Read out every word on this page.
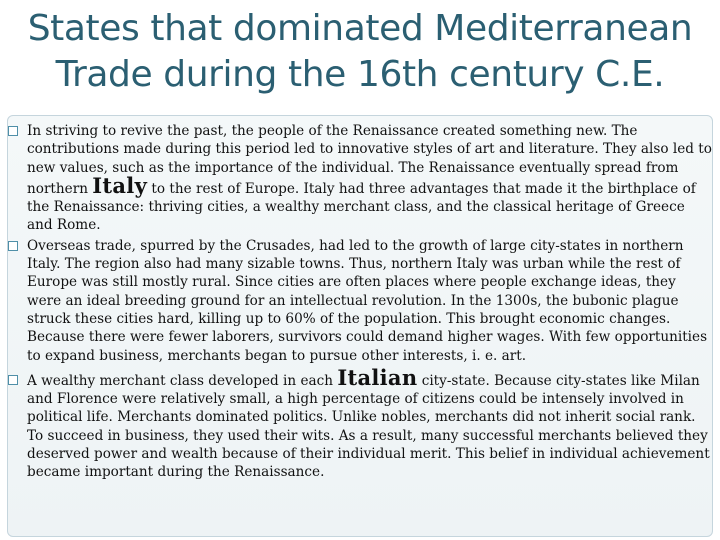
States that dominated Mediterranean
Trade during the 16th century C.E.
In striving to revive the past, the people of the Renaissance created something new. The contributions made during this period led to innovative styles of art and literature. They also led to new values, such as the importance of the individual. The Renaissance eventually spread from northern Italy to the rest of Europe. Italy had three advantages that made it the birthplace of the Renaissance: thriving cities, a wealthy merchant class, and the classical heritage of Greece and Rome.
Overseas trade, spurred by the Crusades, had led to the growth of large city-states in northern Italy. The region also had many sizable towns. Thus, northern Italy was urban while the rest of Europe was still mostly rural. Since cities are often places where people exchange ideas, they were an ideal breeding ground for an intellectual revolution. In the 1300s, the bubonic plague struck these cities hard, killing up to 60% of the population. This brought economic changes. Because there were fewer laborers, survivors could demand higher wages. With few opportunities to expand business, merchants began to pursue other interests, i. e. art.
A wealthy merchant class developed in each Italian city-state. Because city-states like Milan and Florence were relatively small, a high percentage of citizens could be intensely involved in political life. Merchants dominated politics. Unlike nobles, merchants did not inherit social rank. To succeed in business, they used their wits. As a result, many successful merchants believed they deserved power and wealth because of their individual merit. This belief in individual achievement became important during the Renaissance.
